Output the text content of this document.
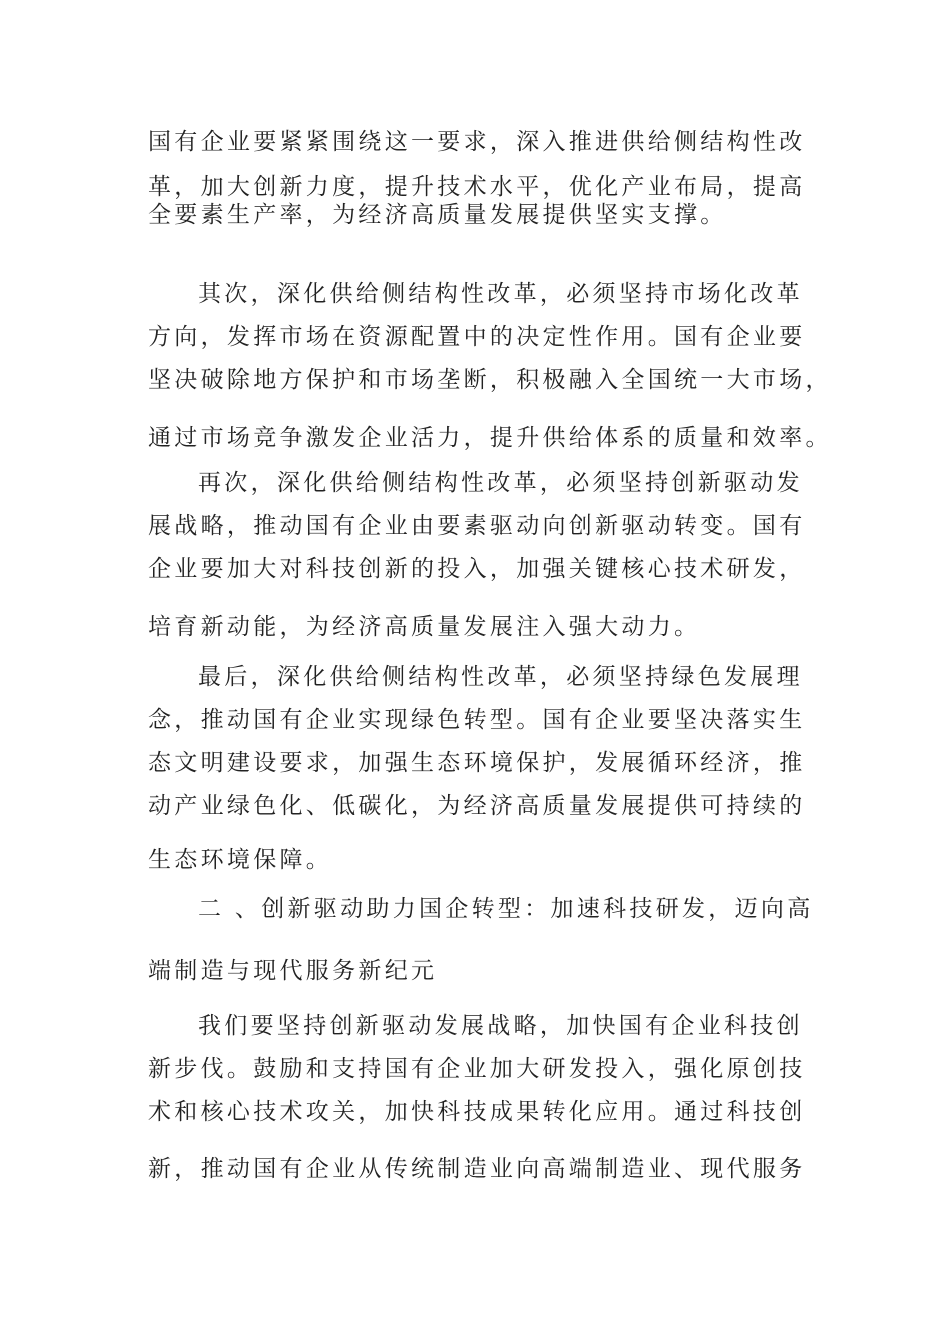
国有企业要紧紧围绕这一要求，深入推进供给侧结构性改
革，加大创新力度，提升技术水平，优化产业布局，提高
全要素生产率，为经济高质量发展提供坚实支撑。
其次，深化供给侧结构性改革，必须坚持市场化改革
方向，发挥市场在资源配置中的决定性作用。国有企业要
坚决破除地方保护和市场垄断，积极融入全国统一大市场，
通过市场竞争激发企业活力，提升供给体系的质量和效率。
再次，深化供给侧结构性改革，必须坚持创新驱动发
展战略，推动国有企业由要素驱动向创新驱动转变。国有
企业要加大对科技创新的投入，加强关键核心技术研发，
培育新动能，为经济高质量发展注入强大动力。
最后，深化供给侧结构性改革，必须坚持绿色发展理
念，推动国有企业实现绿色转型。国有企业要坚决落实生
态文明建设要求，加强生态环境保护，发展循环经济，推
动产业绿色化、低碳化，为经济高质量发展提供可持续的
生态环境保障。
二 、创新驱动助力国企转型：加速科技研发，迈向高
端制造与现代服务新纪元
我们要坚持创新驱动发展战略，加快国有企业科技创
新步伐。鼓励和支持国有企业加大研发投入，强化原创技
术和核心技术攻关，加快科技成果转化应用。通过科技创
新，推动国有企业从传统制造业向高端制造业、现代服务
